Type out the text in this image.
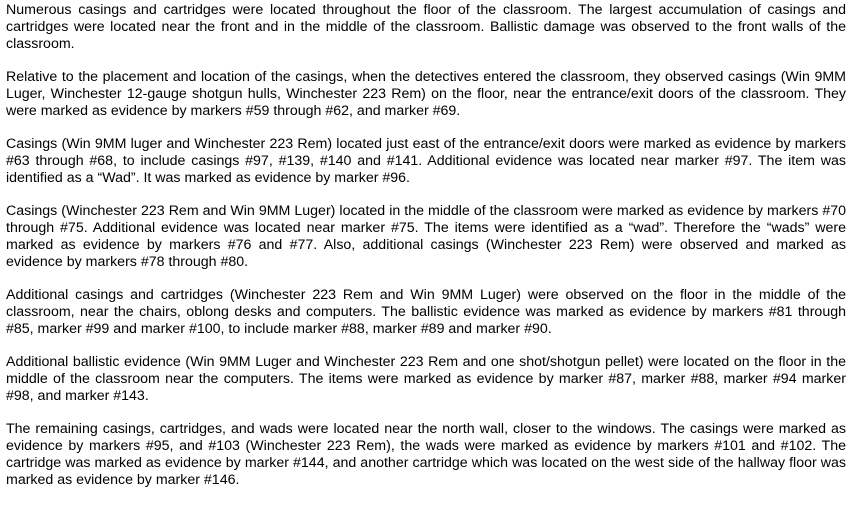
Numerous casings and cartridges were located throughout the floor of the classroom. The largest accumulation of casings and cartridges were located near the front and in the middle of the classroom. Ballistic damage was observed to the front walls of the classroom.

Relative to the placement and location of the casings, when the detectives entered the classroom, they observed casings (Win 9MM Luger, Winchester 12-gauge shotgun hulls, Winchester 223 Rem) on the floor, near the entrance/exit doors of the classroom. They were marked as evidence by markers #59 through #62, and marker #69.

Casings (Win 9MM luger and Winchester 223 Rem) located just east of the entrance/exit doors were marked as evidence by markers #63 through #68, to include casings #97, #139, #140 and #141. Additional evidence was located near marker #97. The item was identified as a “Wad”. It was marked as evidence by marker #96.

Casings (Winchester 223 Rem and Win 9MM Luger) located in the middle of the classroom were marked as evidence by markers #70 through #75. Additional evidence was located near marker #75. The items were identified as a “wad”. Therefore the “wads” were marked as evidence by markers #76 and #77. Also, additional casings (Winchester 223 Rem) were observed and marked as evidence by markers #78 through #80.

Additional casings and cartridges (Winchester 223 Rem and Win 9MM Luger) were observed on the floor in the middle of the classroom, near the chairs, oblong desks and computers. The ballistic evidence was marked as evidence by markers #81 through #85, marker #99 and marker #100, to include marker #88, marker #89 and marker #90.

Additional ballistic evidence (Win 9MM Luger and Winchester 223 Rem and one shot/shotgun pellet) were located on the floor in the middle of the classroom near the computers. The items were marked as evidence by marker #87, marker #88, marker #94 marker #98, and marker #143.

The remaining casings, cartridges, and wads were located near the north wall, closer to the windows. The casings were marked as evidence by markers #95, and #103 (Winchester 223 Rem), the wads were marked as evidence by markers #101 and #102. The cartridge was marked as evidence by marker #144, and another cartridge which was located on the west side of the hallway floor was marked as evidence by marker #146.
